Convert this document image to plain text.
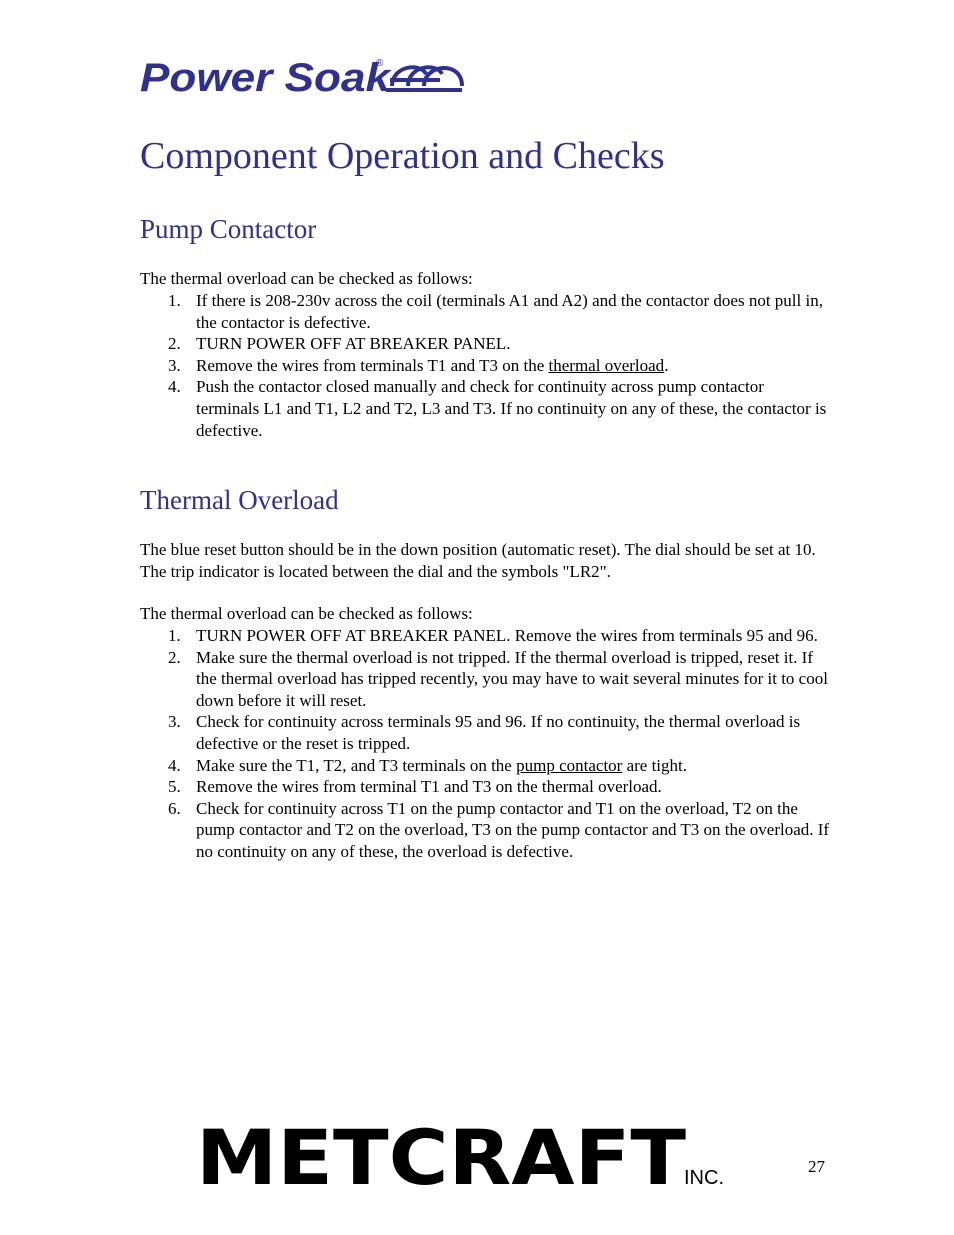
Power Soak
®
Component Operation and Checks
Pump Contactor

The thermal overload can be checked as follows:

1. If there is 208-230v across the coil (terminals A1 and A2) and the contactor does not pull in, the contactor is defective.
2. TURN POWER OFF AT BREAKER PANEL.
3. Remove the wires from terminals T1 and T3 on the thermal overload.
4. Push the contactor closed manually and check for continuity across pump contactor terminals L1 and T1, L2 and T2, L3 and T3. If no continuity on any of these, the contactor is defective.
Thermal Overload

The blue reset button should be in the down position (automatic reset). The dial should be set at 10. The trip indicator is located between the dial and the symbols "LR2".

The thermal overload can be checked as follows:

1. TURN POWER OFF AT BREAKER PANEL. Remove the wires from terminals 95 and 96.
2. Make sure the thermal overload is not tripped. If the thermal overload is tripped, reset it. If the thermal overload has tripped recently, you may have to wait several minutes for it to cool down before it will reset.
3. Check for continuity across terminals 95 and 96. If no continuity, the thermal overload is defective or the reset is tripped.
4. Make sure the T1, T2, and T3 terminals on the pump contactor are tight.
5. Remove the wires from terminal T1 and T3 on the thermal overload.
6. Check for continuity across T1 on the pump contactor and T1 on the overload, T2 on the pump contactor and T2 on the overload, T3 on the pump contactor and T3 on the overload. If no continuity on any of these, the overload is defective.
METCRAFT
INC.
27
